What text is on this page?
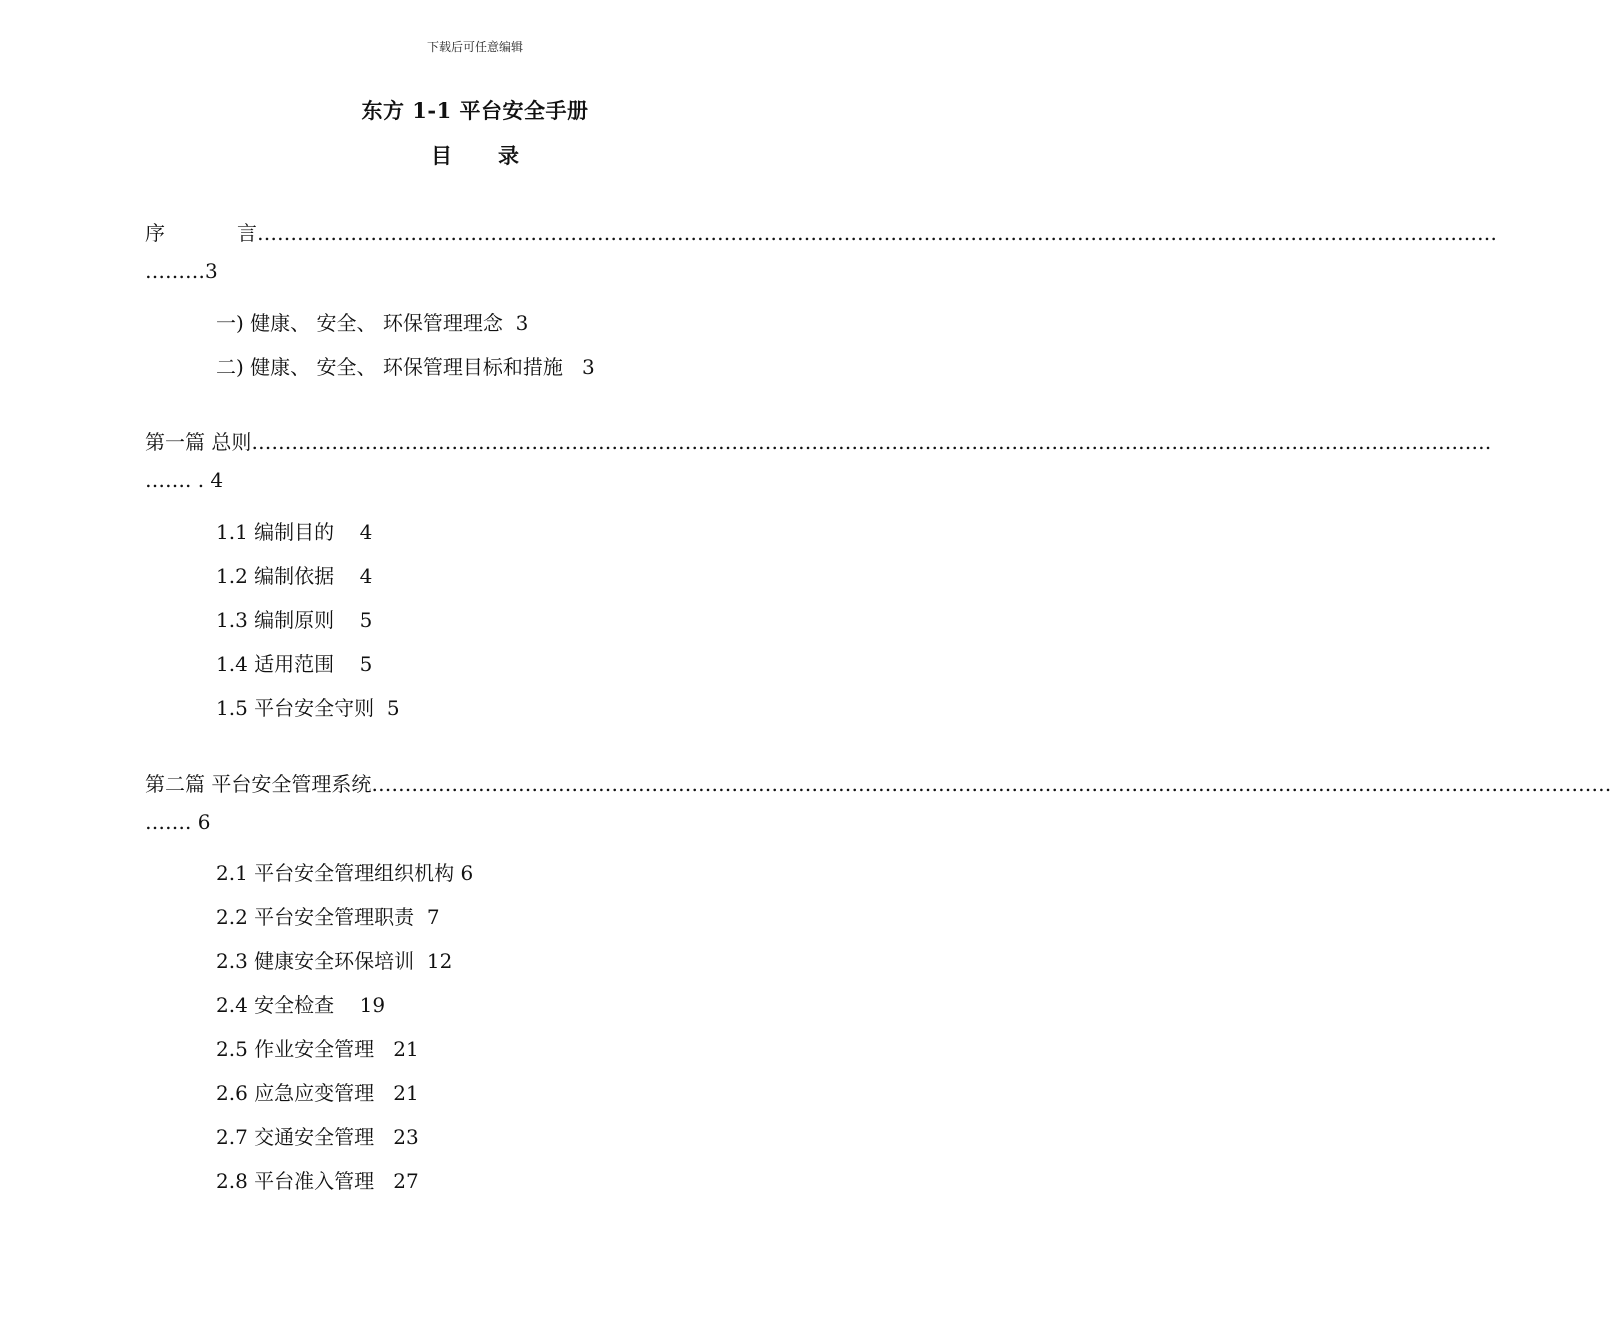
下载后可任意编辑
东方 1-1 平台安全手册
目 录
序	言 ……………………………………………………………………………………………………………………………………………………………………
………3
一) 健康、 安全、 环保管理理念  3
二) 健康、 安全、 环保管理目标和措施   3
第一篇 总则 ……………………………………………………………………………………………………………………………………………………………………
……. . 4
1.1 编制目的    4
1.2 编制依据    4
1.3 编制原则    5
1.4 适用范围    5
1.5 平台安全守则  5
第二篇 平台安全管理系统 ……………………………………………………………………………………………………………………………………………………………………
……. 6
2.1 平台安全管理组织机构 6
2.2 平台安全管理职责  7
2.3 健康安全环保培训  12
2.4 安全检查    19
2.5 作业安全管理   21
2.6 应急应变管理   21
2.7 交通安全管理   23
2.8 平台准入管理   27
